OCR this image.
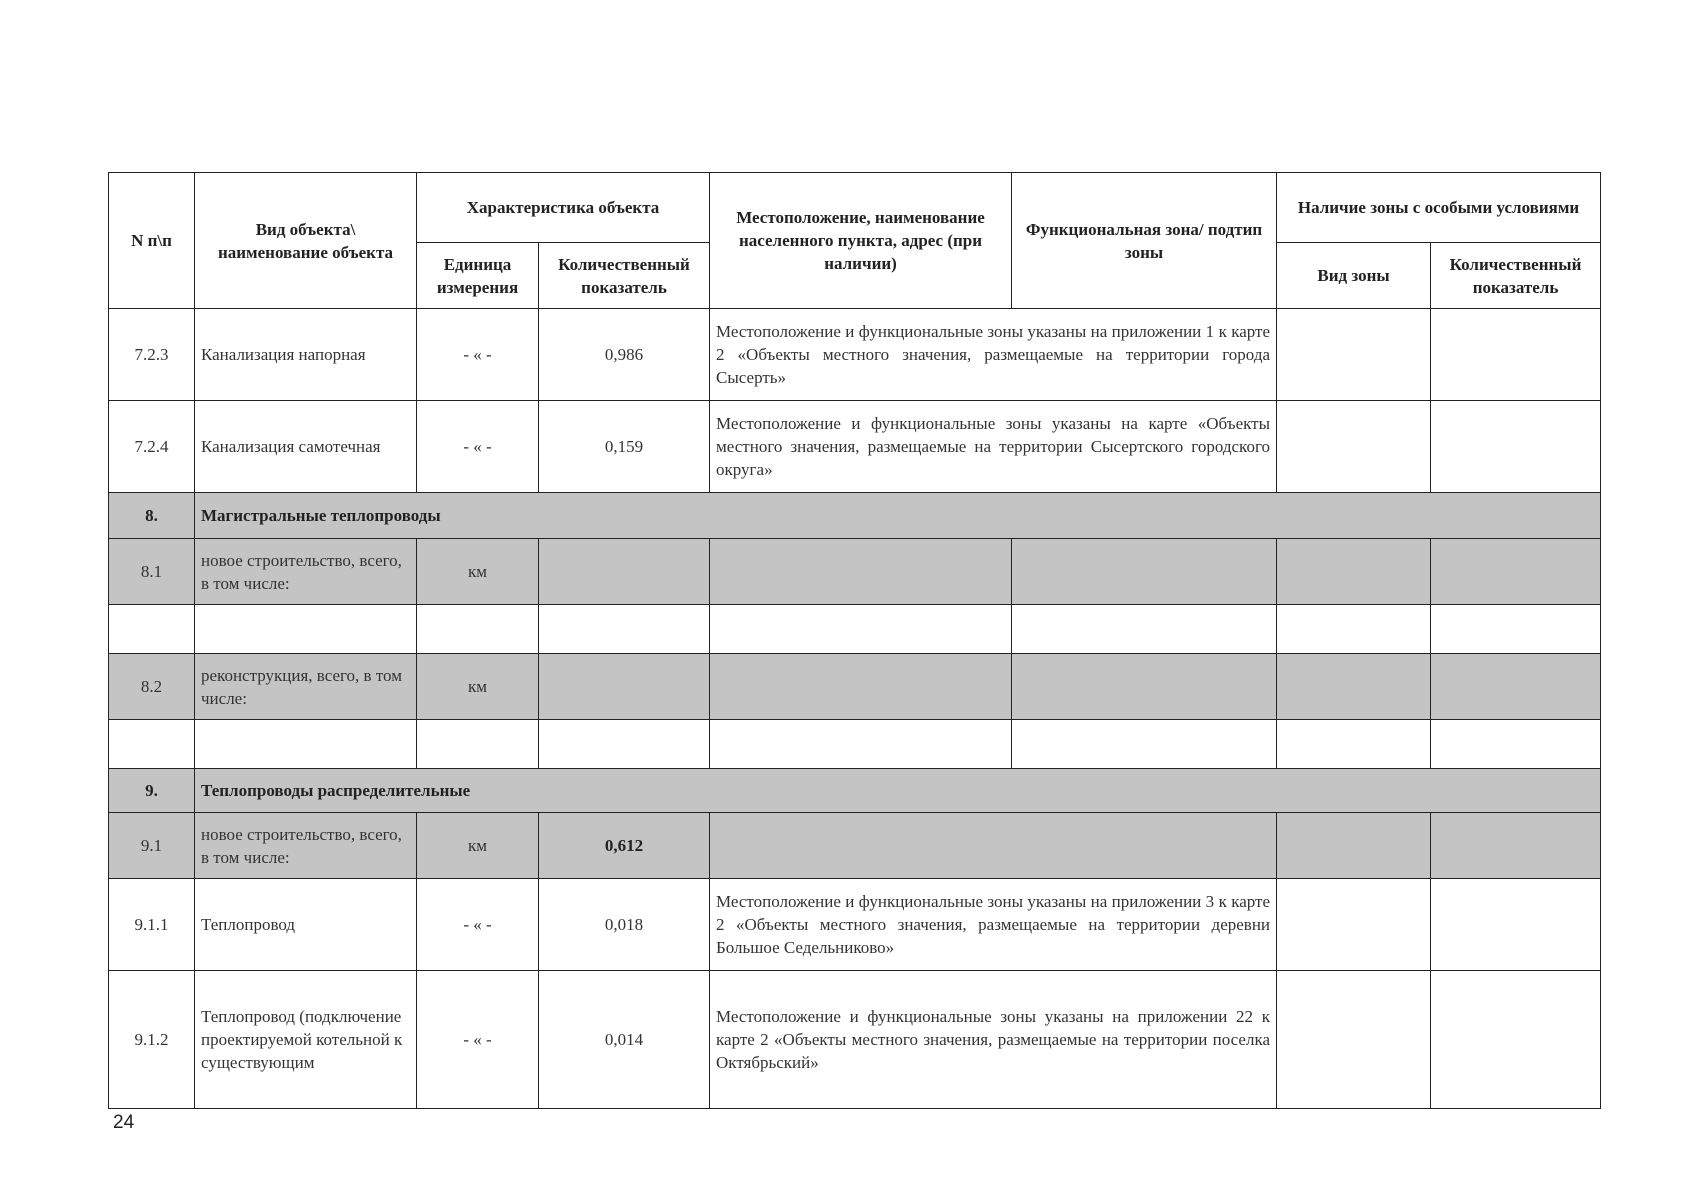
N п\п	Вид объекта\ наименование объекта	Характеристика объекта		Местоположение, наименование населенного пункта, адрес (при наличии)	Функциональная зона/ подтип зоны	Наличие зоны с особыми условиями	
		Единица измерения	Количественный показатель			Вид зоны	Количественный показатель
7.2.3	Канализация напорная	- « -	0,986	Местоположение и функциональные зоны указаны на приложении 1 к карте 2 «Объекты местного значения, размещаемые на территории города Сысерть»			
7.2.4	Канализация самотечная	- « -	0,159	Местоположение и функциональные зоны указаны на карте «Объекты местного значения, размещаемые на территории Сысертского городского округа»			
8.	Магистральные теплопроводы						
8.1	новое строительство, всего, в том числе:	км					

8.2	реконструкция, всего, в том числе:	км					

9.	Теплопроводы распределительные						
9.1	новое строительство, всего, в том числе:	км	0,612				
9.1.1	Теплопровод	- « -	0,018	Местоположение и функциональные зоны указаны на приложении 3 к карте 2 «Объекты местного значения, размещаемые на территории деревни Большое Седельниково»			
9.1.2	Теплопровод (подключение проектируемой котельной к существующим	- « -	0,014	Местоположение и функциональные зоны указаны на приложении 22 к карте 2 «Объекты местного значения, размещаемые на территории поселка Октябрьский»			
24
